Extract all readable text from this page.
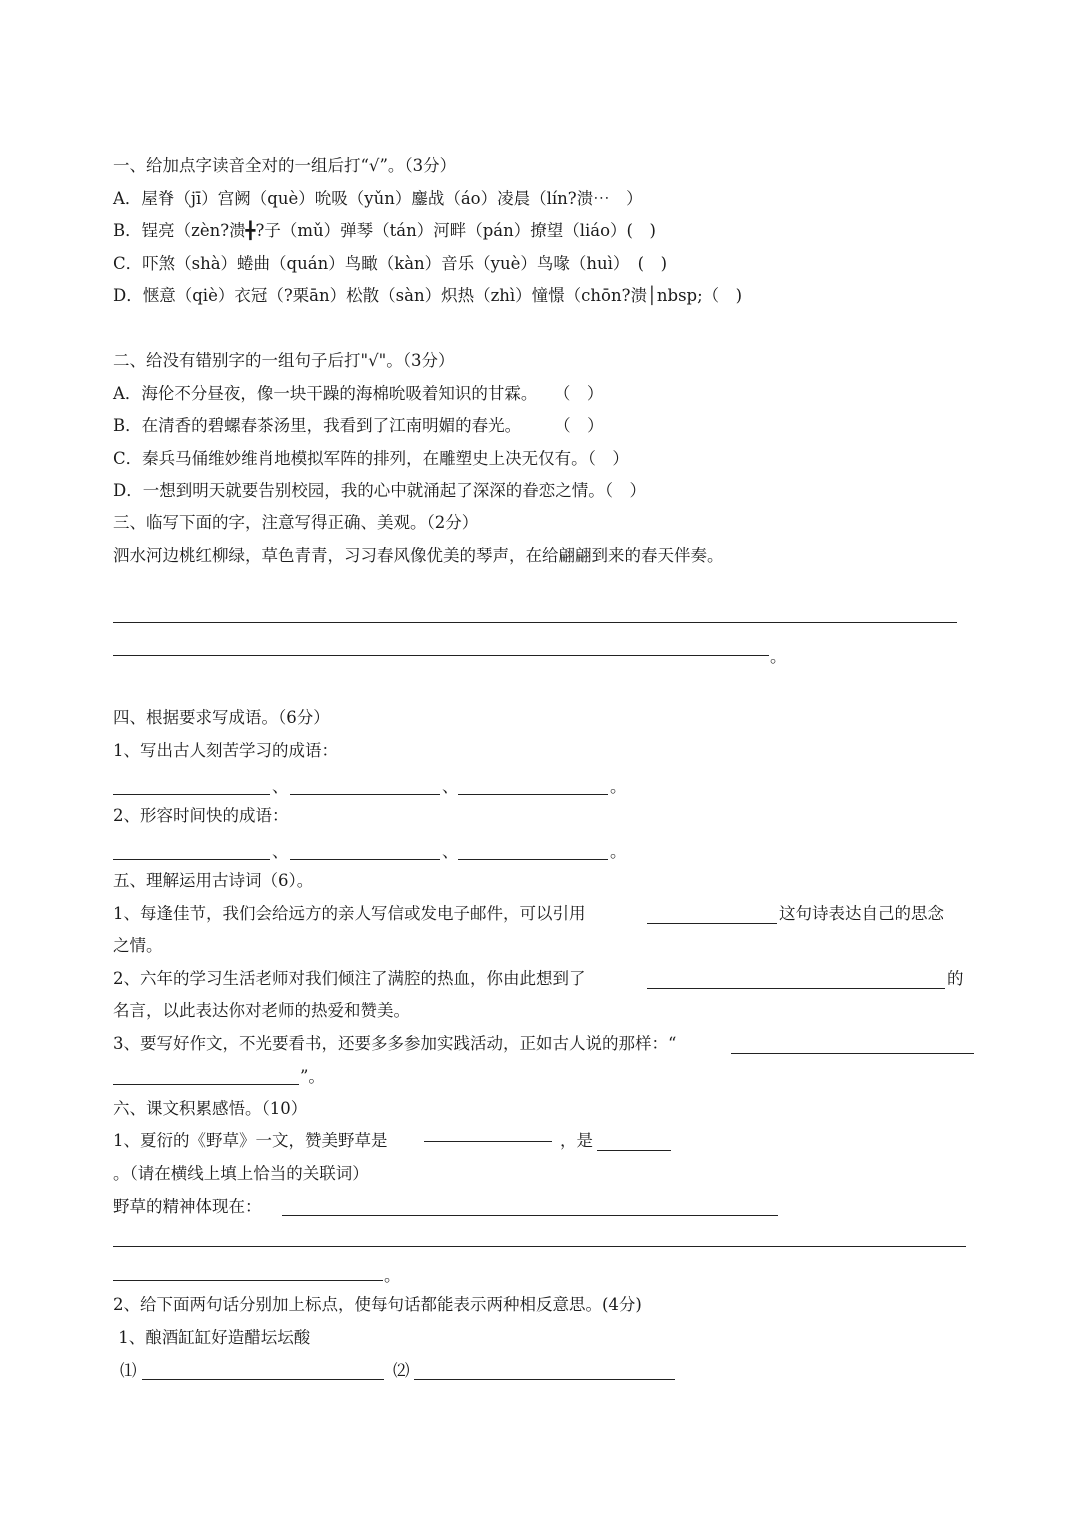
一、给加点字读音全对的一组后打“√”。（3分）
A．屋脊（jī）宫阙（què）吮吸（yǔn）鏖战（áo）凌晨（lín?溃⋯　）
B．锃亮（zèn?溃╋?子（mǔ）弹琴（tán）河畔（pán）撩望（liáo）(　)
C．吓煞（shà）蜷曲（quán）鸟瞰（kàn）音乐（yuè）鸟喙（huì）　(　)
D．惬意（qiè）衣冠（?栗ān）松散（sàn）炽热（zhì）憧憬（chōn?溃│nbsp;（　)
二、给没有错别字的一组句子后打"√"。（3分）
A．海伦不分昼夜，像一块干躁的海棉吮吸着知识的甘霖。　　（　）
B．在清香的碧螺春茶汤里，我看到了江南明媚的春光。　　　（　）
C．秦兵马俑维妙维肖地模拟军阵的排列，在雕塑史上决无仅有。（　）
D．一想到明天就要告别校园，我的心中就涌起了深深的眷恋之情。（　）
三、临写下面的字，注意写得正确、美观。（2分）
泗水河边桃红柳绿，草色青青，习习春风像优美的琴声，在给翩翩到来的春天伴奏。
。
四、根据要求写成语。（6分）
1、写出古人刻苦学习的成语：
、	、	。
2、形容时间快的成语：
、	、	。
五、理解运用古诗词（6）。
1、每逢佳节，我们会给远方的亲人写信或发电子邮件，可以引用	这句诗表达自己的思念
之情。
2、六年的学习生活老师对我们倾注了满腔的热血，你由此想到了	的
名言，以此表达你对老师的热爱和赞美。
3、要写好作文，不光要看书，还要多多参加实践活动，正如古人说的那样：“
”。
六、课文积累感悟。（10）
1、夏衍的《野草》一文，赞美野草是	，是
。（请在横线上填上恰当的关联词）
野草的精神体现在：
。
2、给下面两句话分别加上标点，使每句话都能表示两种相反意思。(4分)
1、酿酒缸缸好造醋坛坛酸
⑴	⑵
